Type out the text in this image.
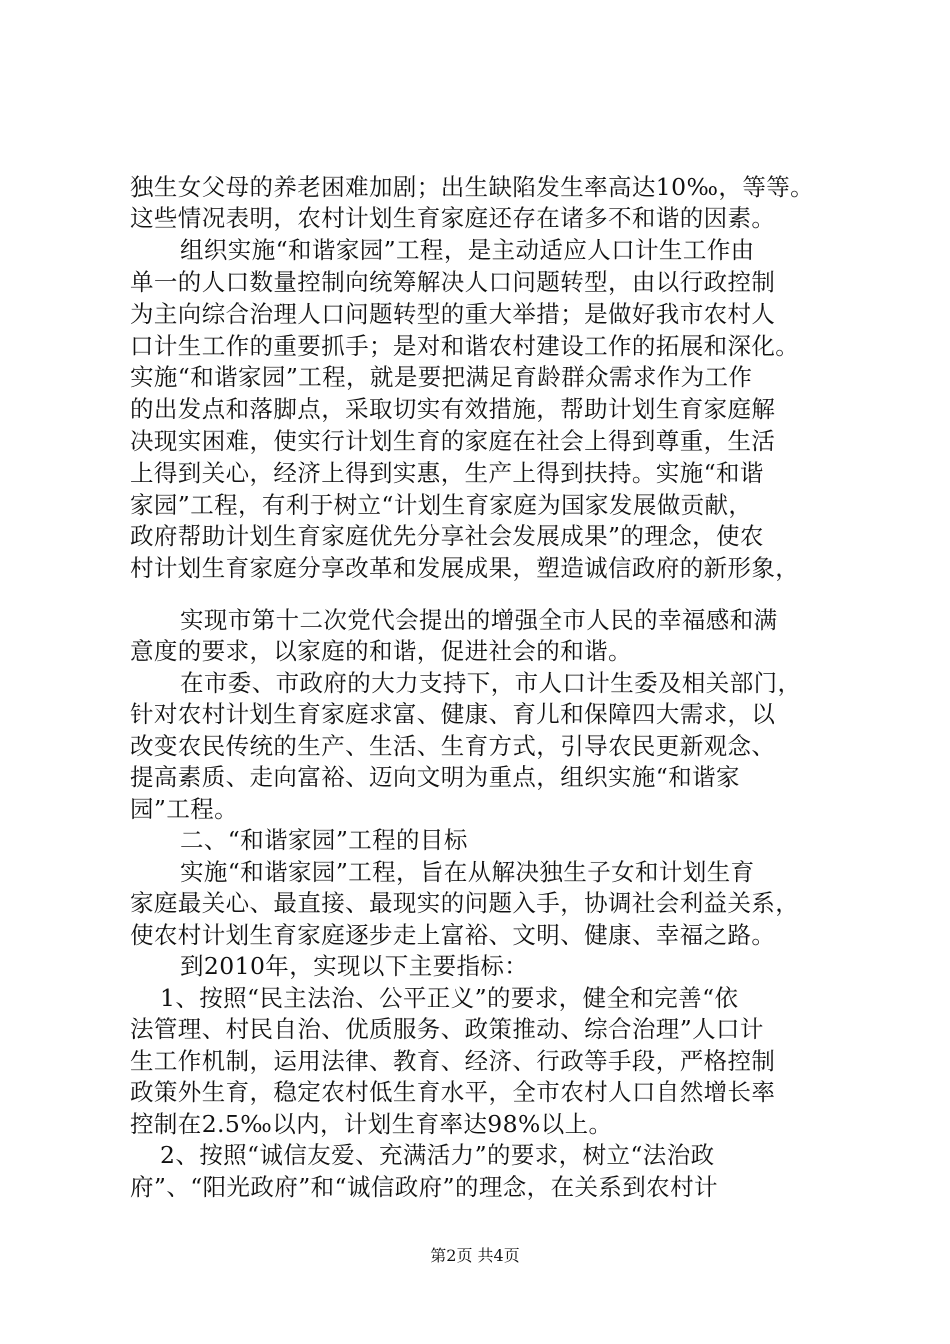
独生女父母的养老困难加剧；出生缺陷发生率高达10‰，等等。
这些情况表明，农村计划生育家庭还存在诸多不和谐的因素。
组织实施“和谐家园”工程，是主动适应人口计生工作由
单一的人口数量控制向统筹解决人口问题转型，由以行政控制
为主向综合治理人口问题转型的重大举措；是做好我市农村人
口计生工作的重要抓手；是对和谐农村建设工作的拓展和深化。
实施“和谐家园”工程，就是要把满足育龄群众需求作为工作
的出发点和落脚点，采取切实有效措施，帮助计划生育家庭解
决现实困难，使实行计划生育的家庭在社会上得到尊重，生活
上得到关心，经济上得到实惠，生产上得到扶持。实施“和谐
家园”工程，有利于树立“计划生育家庭为国家发展做贡献，
政府帮助计划生育家庭优先分享社会发展成果”的理念，使农
村计划生育家庭分享改革和发展成果，塑造诚信政府的新形象，
实现市第十二次党代会提出的增强全市人民的幸福感和满
意度的要求，以家庭的和谐，促进社会的和谐。
在市委、市政府的大力支持下，市人口计生委及相关部门，
针对农村计划生育家庭求富、健康、育儿和保障四大需求，以
改变农民传统的生产、生活、生育方式，引导农民更新观念、
提高素质、走向富裕、迈向文明为重点，组织实施“和谐家
园”工程。
二、“和谐家园”工程的目标
实施“和谐家园”工程，旨在从解决独生子女和计划生育
家庭最关心、最直接、最现实的问题入手，协调社会利益关系，
使农村计划生育家庭逐步走上富裕、文明、健康、幸福之路。
到2010年，实现以下主要指标：
1、按照“民主法治、公平正义”的要求，健全和完善“依
法管理、村民自治、优质服务、政策推动、综合治理”人口计
生工作机制，运用法律、教育、经济、行政等手段，严格控制
政策外生育，稳定农村低生育水平，全市农村人口自然增长率
控制在2.5‰以内，计划生育率达98%以上。
2、按照“诚信友爱、充满活力”的要求，树立“法治政
府”、“阳光政府”和“诚信政府”的理念，在关系到农村计
第2页 共4页
